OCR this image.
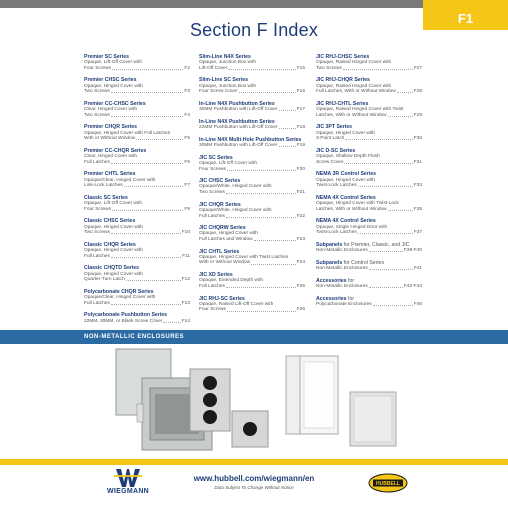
F1
Section F Index
Premier SC Series
Opaque, Lift-Off Cover with
Four Screws	F2
Premier CHSC Series
Opaque, Hinged Cover with
Two Screws	F3
Premier CC-CHSC Series
Clear, Hinged Cover with
Two Screws	F4
Premier CHQR Series
Opaque, Hinged Cover with Full Latches
With or Without Window	F5
Premier CC-CHQR Series
Clear, Hinged Cover with
Full Latches	F6
Premier CHTL Series
Opaque/Clear, Hinged Cover with
Link-Lock Latches	F7
Classic SC Series
Opaque, Lift-Off Cover with
Four Screws	F9
Classic CHSC Series
Opaque, Hinged Cover with
Two Screws	F10
Classic CHQR Series
Opaque, Hinged Cover with
Full Latches	F11
Classic CHQTD Series
Opaque, Hinged Cover with
Quarter-Turn Latch	F12
Polycarbonate CHQR Series
Opaque/Clear, Hinged Cover with
Full Latches	F13
Polycarbonate Pushbutton Series
22MM, 30MM, or Blank Screw Cover	F14
Slim-Line N4X Series
Opaque, Junction Box with
Lift-Off Cover	F15
Slim-Line SC Series
Opaque, Junction Box with
Four Screw Cover	F16
In-Line N4X Pushbutton Series
30MM Pushbutton with Lift-Off Cover	F17
In-Line N4X Pushbutton Series
22MM Pushbutton with Lift-Off Cover	F18
In-Line N4X Multi-Hole Pushbutton Series
30MM Pushbutton with Lift-Off Cover	F19
JIC SC Series
Opaque, Lift-Off Cover with
Four Screws	F20
JIC CHSC Series
Opaque/White, Hinged Cover with
Two Screws	F21
JIC CHQR Series
Opaque/White, Hinged Cover with
Full Latches	F22
JIC CHQRW Series
Opaque, Hinged Cover with
Full Latches and Window	F23
JIC CHTL Series
Opaque, Hinged Cover with Twist Latches
With or Without Window	F24
JIC XD Series
Opaque, Extended Depth with
Full Latches	F25
JIC RHJ-SC Series
Opaque, Raised Lift-Off Cover with
Four Screws	F26
JIC RHJ-CHSC Series
Opaque, Raised Hinged Cover with
Two Screws	F27
JIC RHJ-CHQR Series
Opaque, Raised Hinged Cover with
Full Latches, With or Without Window	F28
JIC RHJ-CHTL Series
Opaque, Raised Hinged Cover with Twist
Latches, With or Without Window	F29
JIC 3PT Series
Opaque, Hinged Cover with
3-Point Latch	F30
JIC D-SC Series
Opaque, Shallow Depth Flush
Screw Cover	F31
NEMA 3R Control Series
Opaque, Hinged Cover with
Twist-Lock Latches	F33
NEMA 4X Control Series
Opaque, Hinged Cover with Twist-Lock
Latches, With or Without Window	F35
NEMA 4X Control Series
Opaque, Single Hinged Door with
Twist-Lock Latches	F37
Subpanels for Premier, Classic, and JIC
Non-Metallic Enclosures	F39-F40
Subpanels for Control Series
Non-Metallic Enclosures	F41
Accessories for
Non-Metallic Enclosures	F42-F44
Accessories for
Polycarbonate Enclosures	F45
NON-METALLIC ENCLOSURES
WIEGMANN
www.hubbell.com/wiegmann/en
Data Subject To Change Without Notice
HUBBELL
